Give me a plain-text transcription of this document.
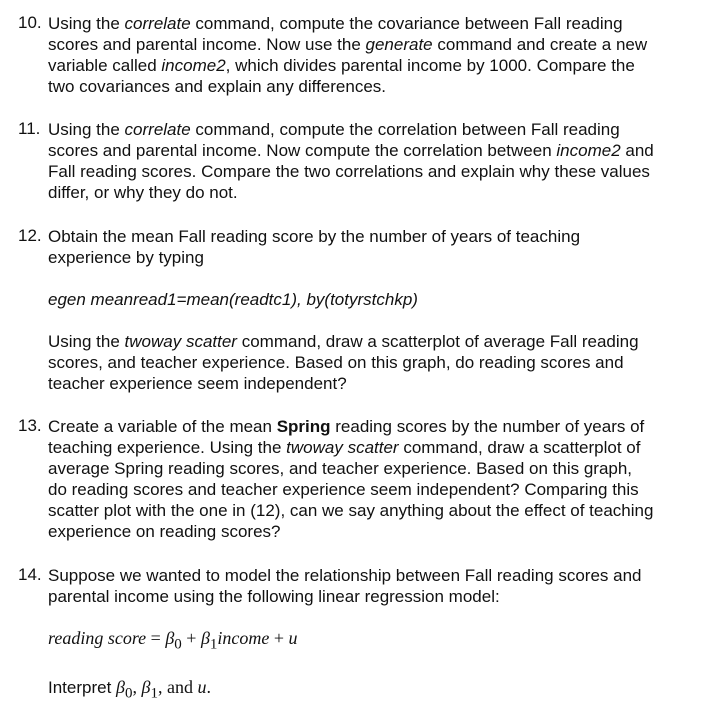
10. Using the correlate command, compute the covariance between Fall reading
scores and parental income. Now use the generate command and create a new
variable called income2, which divides parental income by 1000. Compare the
two covariances and explain any differences.
11. Using the correlate command, compute the correlation between Fall reading
scores and parental income. Now compute the correlation between income2 and
Fall reading scores. Compare the two correlations and explain why these values
differ, or why they do not.
12. Obtain the mean Fall reading score by the number of years of teaching
experience by typing
egen meanread1=mean(readtc1), by(totyrstchkp)
Using the twoway scatter command, draw a scatterplot of average Fall reading
scores, and teacher experience. Based on this graph, do reading scores and
teacher experience seem independent?
13. Create a variable of the mean Spring reading scores by the number of years of
teaching experience. Using the twoway scatter command, draw a scatterplot of
average Spring reading scores, and teacher experience. Based on this graph,
do reading scores and teacher experience seem independent? Comparing this
scatter plot with the one in (12), can we say anything about the effect of teaching
experience on reading scores?
14. Suppose we wanted to model the relationship between Fall reading scores and
parental income using the following linear regression model:
reading score = $\beta_0$ + $\beta_1income + u$
Interpret $\beta_0$, $\beta_1$, and u.
